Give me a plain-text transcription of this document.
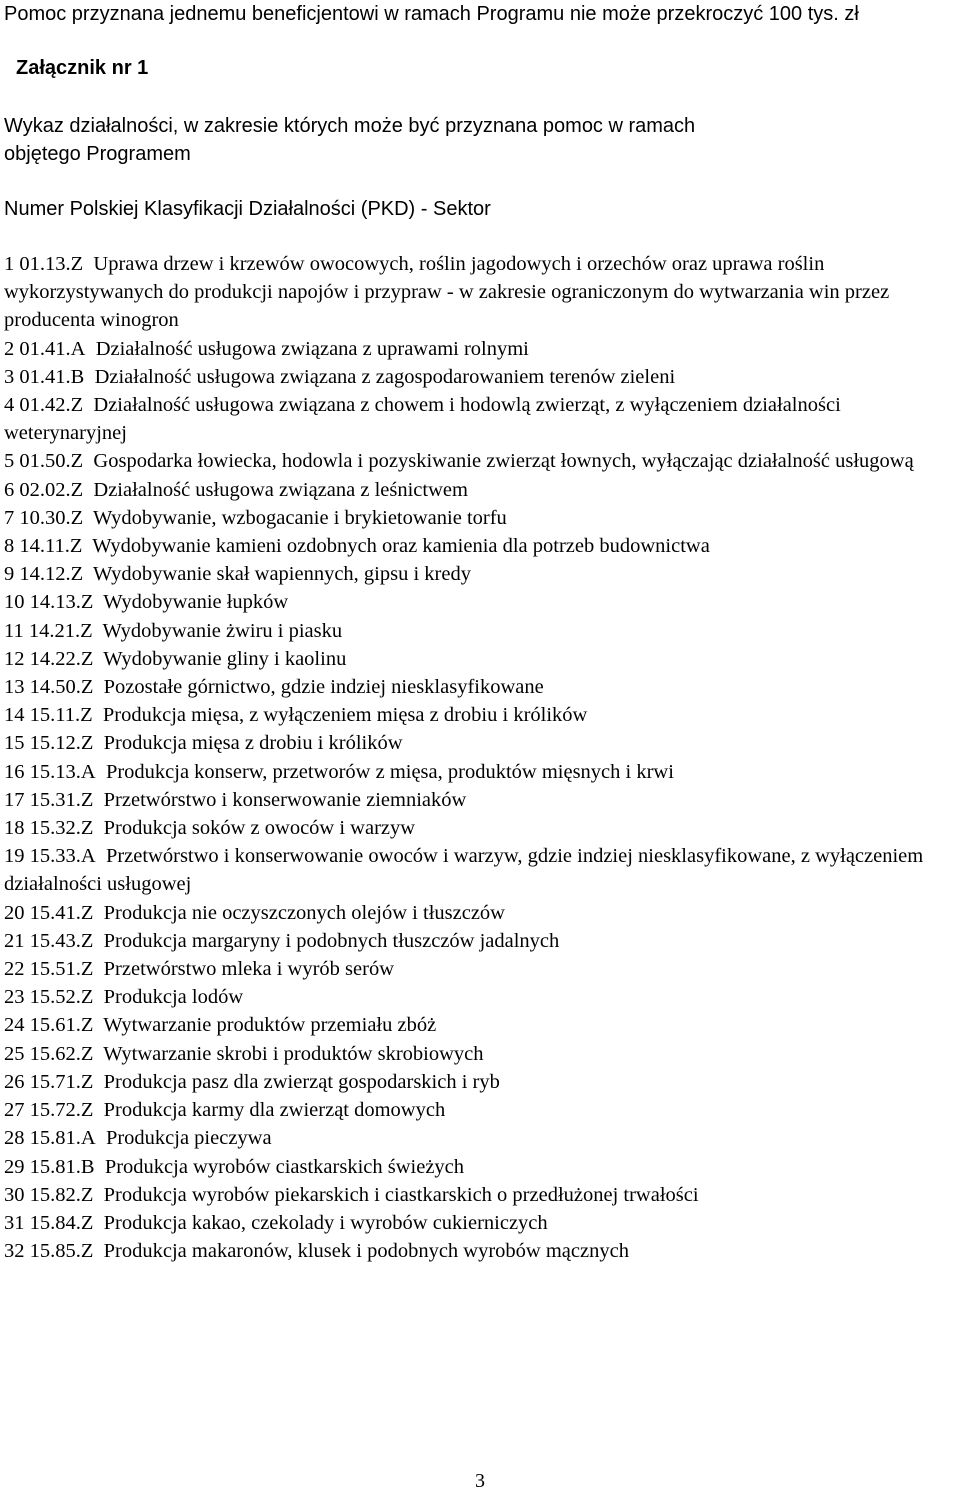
Pomoc przyznana jednemu beneficjentowi w ramach Programu nie może przekroczyć 100 tys. zł
Załącznik nr 1
Wykaz działalności, w zakresie których może być przyznana pomoc w ramach
objętego Programem
Numer Polskiej Klasyfikacji Działalności (PKD) - Sektor
1 01.13.Z Uprawa drzew i krzewów owocowych, roślin jagodowych i orzechów oraz uprawa roślin wykorzystywanych do produkcji napojów i przypraw - w zakresie ograniczonym do wytwarzania win przez producenta winogron
2 01.41.A Działalność usługowa związana z uprawami rolnymi
3 01.41.B Działalność usługowa związana z zagospodarowaniem terenów zieleni
4 01.42.Z Działalność usługowa związana z chowem i hodowlą zwierząt, z wyłączeniem działalności weterynaryjnej
5 01.50.Z Gospodarka łowiecka, hodowla i pozyskiwanie zwierząt łownych, wyłączając działalność usługową
6 02.02.Z Działalność usługowa związana z leśnictwem
7 10.30.Z Wydobywanie, wzbogacanie i brykietowanie torfu
8 14.11.Z Wydobywanie kamieni ozdobnych oraz kamienia dla potrzeb budownictwa
9 14.12.Z Wydobywanie skał wapiennych, gipsu i kredy
10 14.13.Z Wydobywanie łupków
11 14.21.Z Wydobywanie żwiru i piasku
12 14.22.Z Wydobywanie gliny i kaolinu
13 14.50.Z Pozostałe górnictwo, gdzie indziej niesklasyfikowane
14 15.11.Z Produkcja mięsa, z wyłączeniem mięsa z drobiu i królików
15 15.12.Z Produkcja mięsa z drobiu i królików
16 15.13.A Produkcja konserw, przetworów z mięsa, produktów mięsnych i krwi
17 15.31.Z Przetwórstwo i konserwowanie ziemniaków
18 15.32.Z Produkcja soków z owoców i warzyw
19 15.33.A Przetwórstwo i konserwowanie owoców i warzyw, gdzie indziej niesklasyfikowane, z wyłączeniem działalności usługowej
20 15.41.Z Produkcja nie oczyszczonych olejów i tłuszczów
21 15.43.Z Produkcja margaryny i podobnych tłuszczów jadalnych
22 15.51.Z Przetwórstwo mleka i wyrób serów
23 15.52.Z Produkcja lodów
24 15.61.Z Wytwarzanie produktów przemiału zbóż
25 15.62.Z Wytwarzanie skrobi i produktów skrobiowych
26 15.71.Z Produkcja pasz dla zwierząt gospodarskich i ryb
27 15.72.Z Produkcja karmy dla zwierząt domowych
28 15.81.A Produkcja pieczywa
29 15.81.B Produkcja wyrobów ciastkarskich świeżych
30 15.82.Z Produkcja wyrobów piekarskich i ciastkarskich o przedłużonej trwałości
31 15.84.Z Produkcja kakao, czekolady i wyrobów cukierniczych
32 15.85.Z Produkcja makaronów, klusek i podobnych wyrobów mącznych
3
